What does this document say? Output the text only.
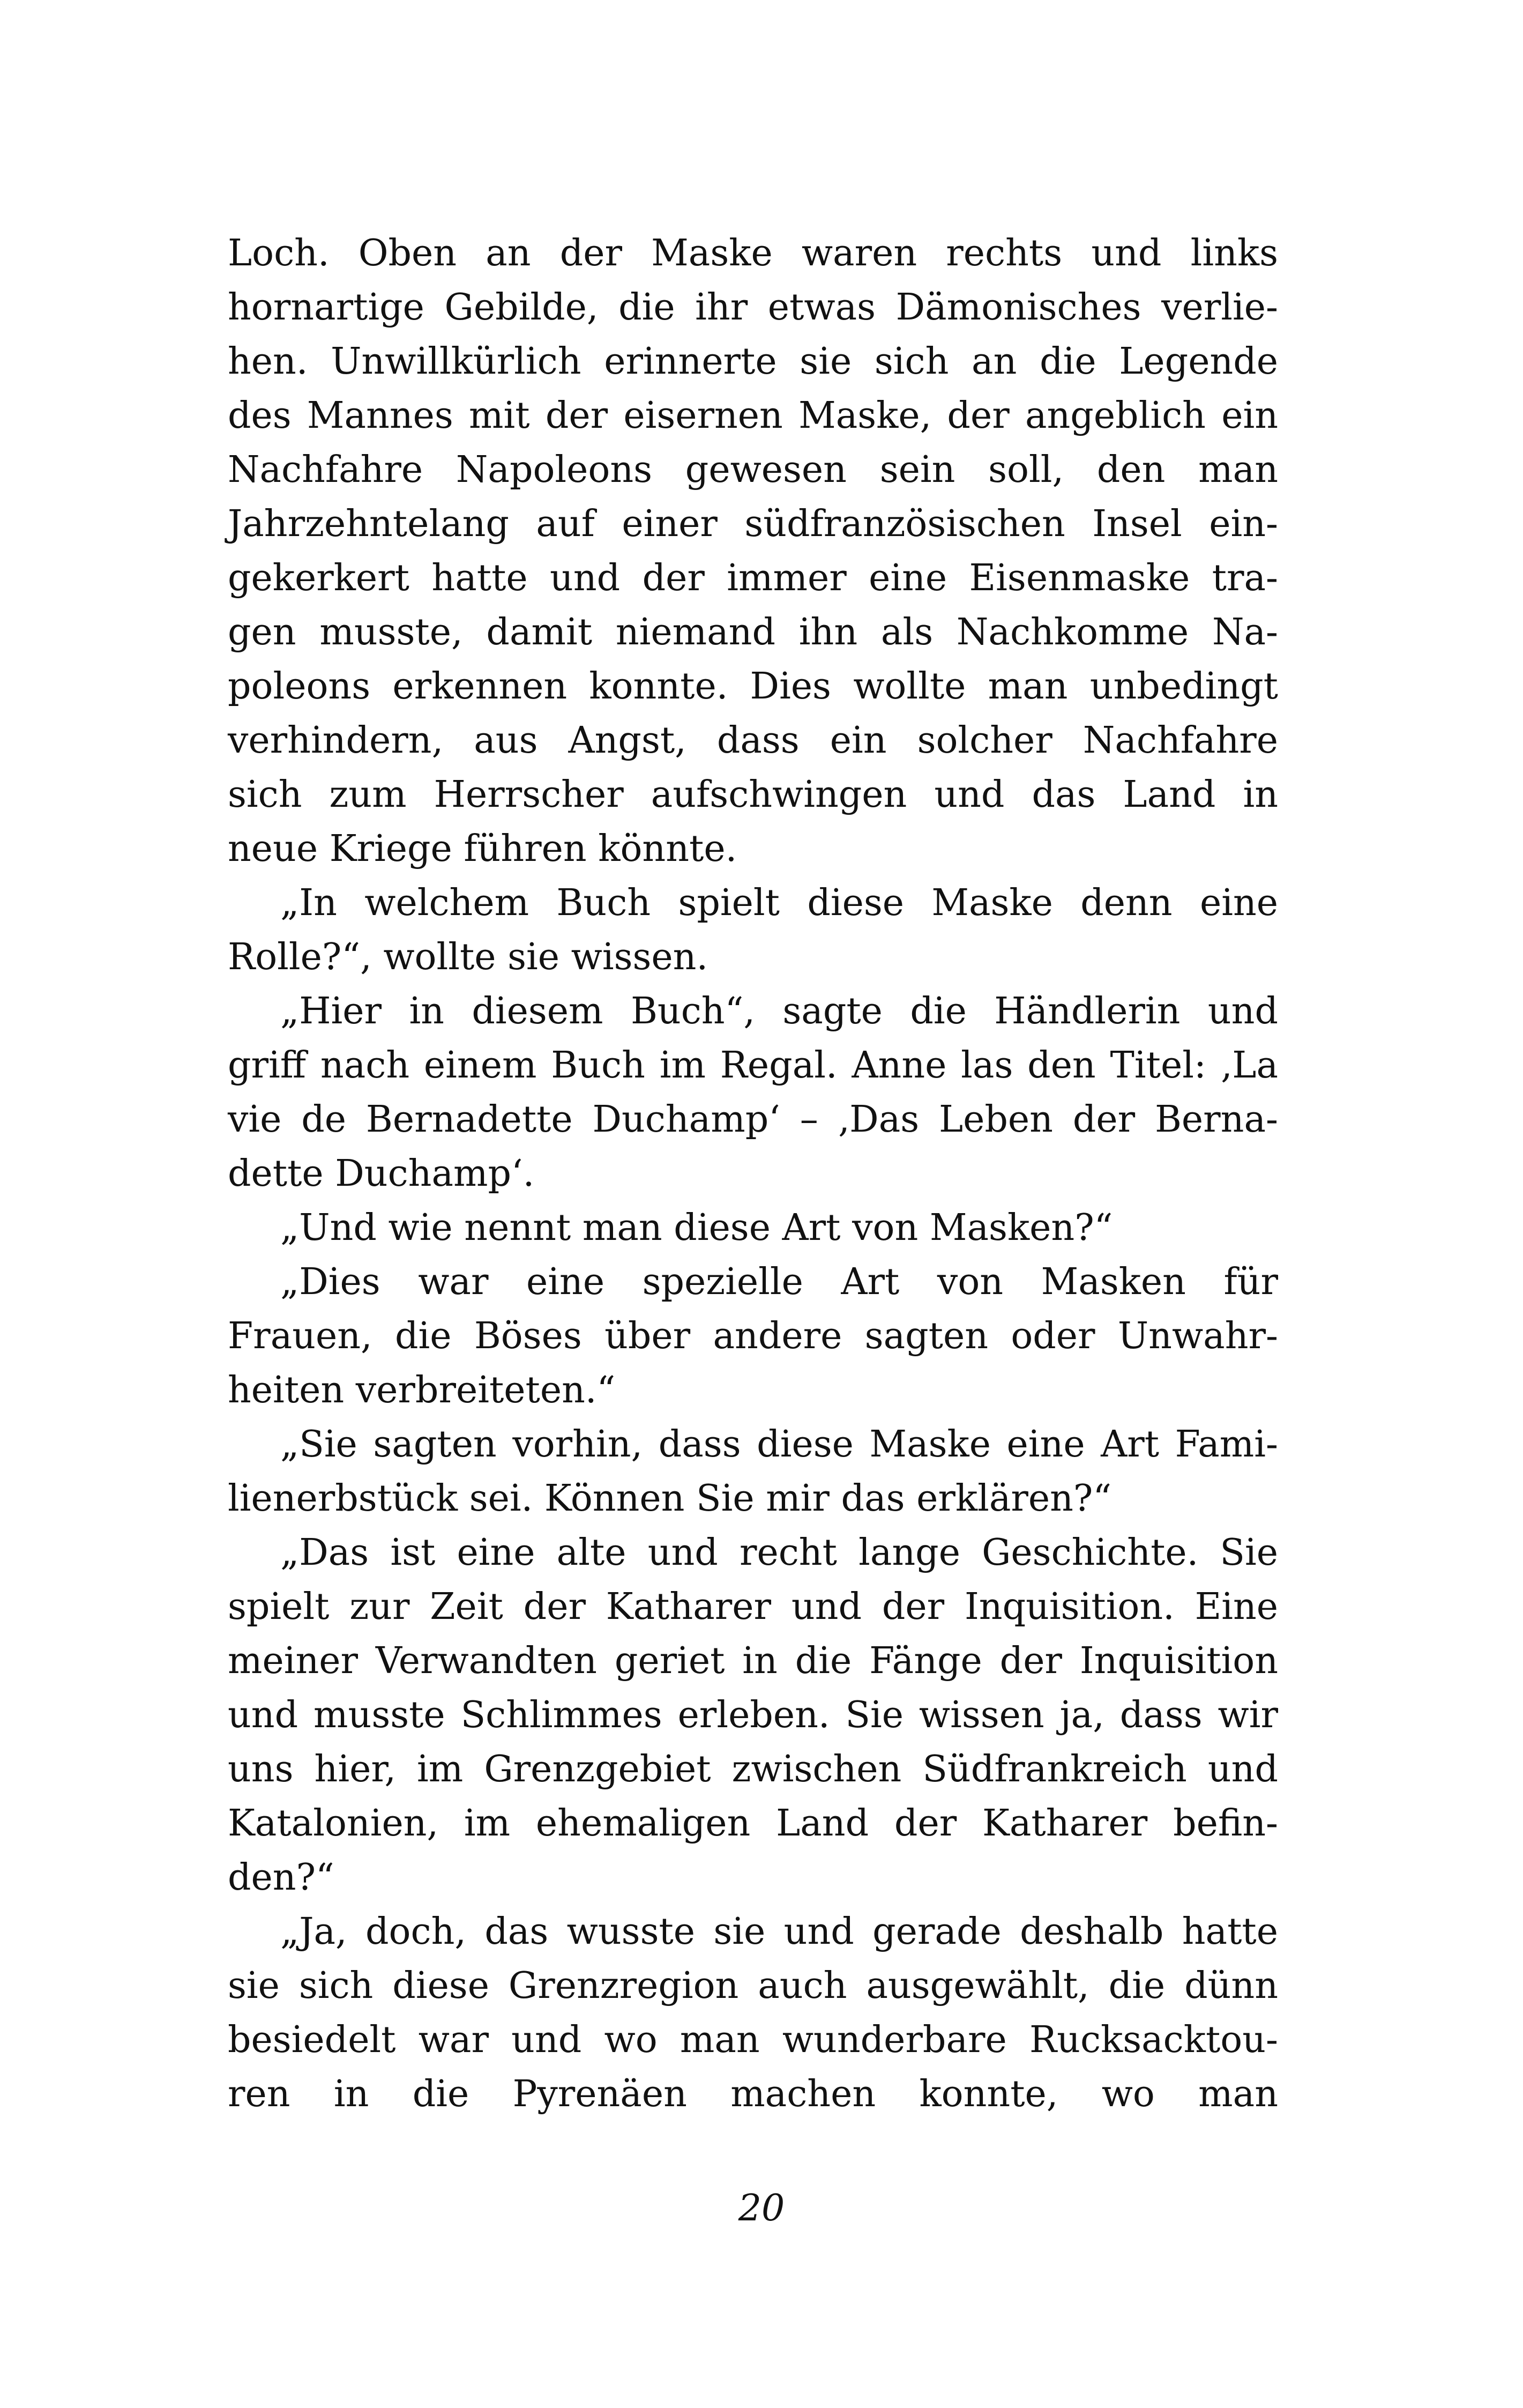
Loch. Oben an der Maske waren rechts und links
hornartige Gebilde, die ihr etwas Dämonisches verlie-
hen. Unwillkürlich erinnerte sie sich an die Legende
des Mannes mit der eisernen Maske, der angeblich ein
Nachfahre Napoleons gewesen sein soll, den man
Jahrzehntelang auf einer südfranzösischen Insel ein-
gekerkert hatte und der immer eine Eisenmaske tra-
gen musste, damit niemand ihn als Nachkomme Na-
poleons erkennen konnte. Dies wollte man unbedingt
verhindern, aus Angst, dass ein solcher Nachfahre
sich zum Herrscher aufschwingen und das Land in
neue Kriege führen könnte.
„In welchem Buch spielt diese Maske denn eine
Rolle?“, wollte sie wissen.
„Hier in diesem Buch“, sagte die Händlerin und
griff nach einem Buch im Regal. Anne las den Titel: ‚La
vie de Bernadette Duchamp‘ – ‚Das Leben der Berna-
dette Duchamp‘.
„Und wie nennt man diese Art von Masken?“
„Dies war eine spezielle Art von Masken für
Frauen, die Böses über andere sagten oder Unwahr-
heiten verbreiteten.“
„Sie sagten vorhin, dass diese Maske eine Art Fami-
lienerbstück sei. Können Sie mir das erklären?“
„Das ist eine alte und recht lange Geschichte. Sie
spielt zur Zeit der Katharer und der Inquisition. Eine
meiner Verwandten geriet in die Fänge der Inquisition
und musste Schlimmes erleben. Sie wissen ja, dass wir
uns hier, im Grenzgebiet zwischen Südfrankreich und
Katalonien, im ehemaligen Land der Katharer befin-
den?“
„Ja, doch, das wusste sie und gerade deshalb hatte
sie sich diese Grenzregion auch ausgewählt, die dünn
besiedelt war und wo man wunderbare Rucksacktou-
ren in die Pyrenäen machen konnte, wo man
20
